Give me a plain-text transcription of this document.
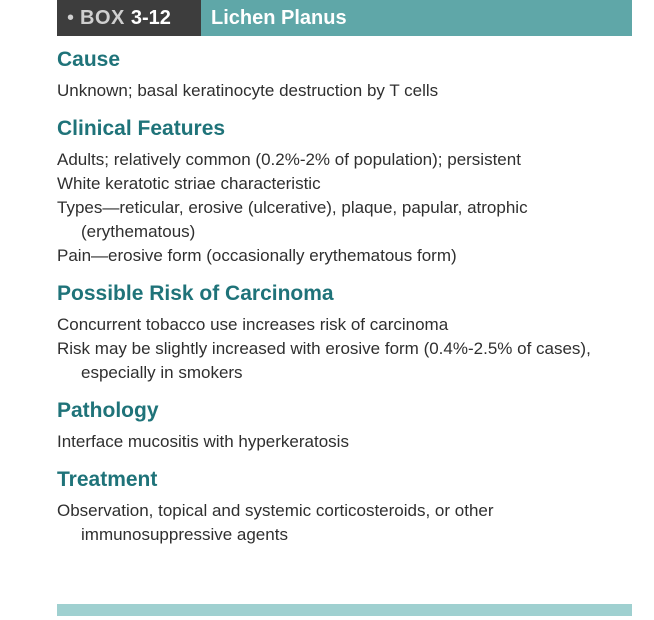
• BOX 3-12	Lichen Planus
Cause
Unknown; basal keratinocyte destruction by T cells
Clinical Features
Adults; relatively common (0.2%-2% of population); persistent
White keratotic striae characteristic
Types—reticular, erosive (ulcerative), plaque, papular, atrophic (erythematous)
Pain—erosive form (occasionally erythematous form)
Possible Risk of Carcinoma
Concurrent tobacco use increases risk of carcinoma
Risk may be slightly increased with erosive form (0.4%-2.5% of cases), especially in smokers
Pathology
Interface mucositis with hyperkeratosis
Treatment
Observation, topical and systemic corticosteroids, or other immunosuppressive agents
